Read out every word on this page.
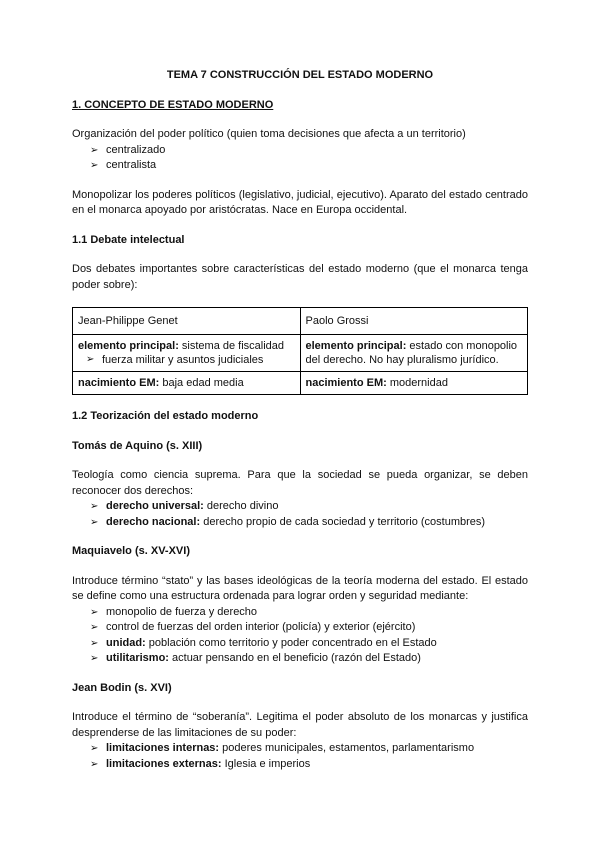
TEMA 7 CONSTRUCCIÓN DEL ESTADO MODERNO
1. CONCEPTO DE ESTADO MODERNO

Organización del poder político (quien toma decisiones que afecta a un territorio)

➢ centralizado
➢ centralista

Monopolizar los poderes políticos (legislativo, judicial, ejecutivo). Aparato del estado centrado en el monarca apoyado por aristócratas. Nace en Europa occidental.

1.1 Debate intelectual

Dos debates importantes sobre características del estado moderno (que el monarca tenga poder sobre):

Jean-Philippe Genet	Paolo Grossi
elemento principal: sistema de fiscalidad
➢ fuerza militar y asuntos judiciales	elemento principal: estado con monopolio del derecho. No hay pluralismo jurídico.
nacimiento EM: baja edad media	nacimiento EM: modernidad
1.2 Teorización del estado moderno
Tomás de Aquino (s. XIII)

Teología como ciencia suprema. Para que la sociedad se pueda organizar, se deben reconocer dos derechos:

➢ derecho universal: derecho divino
➢ derecho nacional: derecho propio de cada sociedad y territorio (costumbres)
Maquiavelo (s. XV-XVI)

Introduce término “stato” y las bases ideológicas de la teoría moderna del estado. El estado se define como una estructura ordenada para lograr orden y seguridad mediante:

➢ monopolio de fuerza y derecho
➢ control de fuerzas del orden interior (policía) y exterior (ejército)
➢ unidad: población como territorio y poder concentrado en el Estado
➢ utilitarismo: actuar pensando en el beneficio (razón del Estado)
Jean Bodin (s. XVI)

Introduce el término de “soberanía”. Legitima el poder absoluto de los monarcas y justifica desprenderse de las limitaciones de su poder:

➢ limitaciones internas: poderes municipales, estamentos, parlamentarismo
➢ limitaciones externas: Iglesia e imperios
